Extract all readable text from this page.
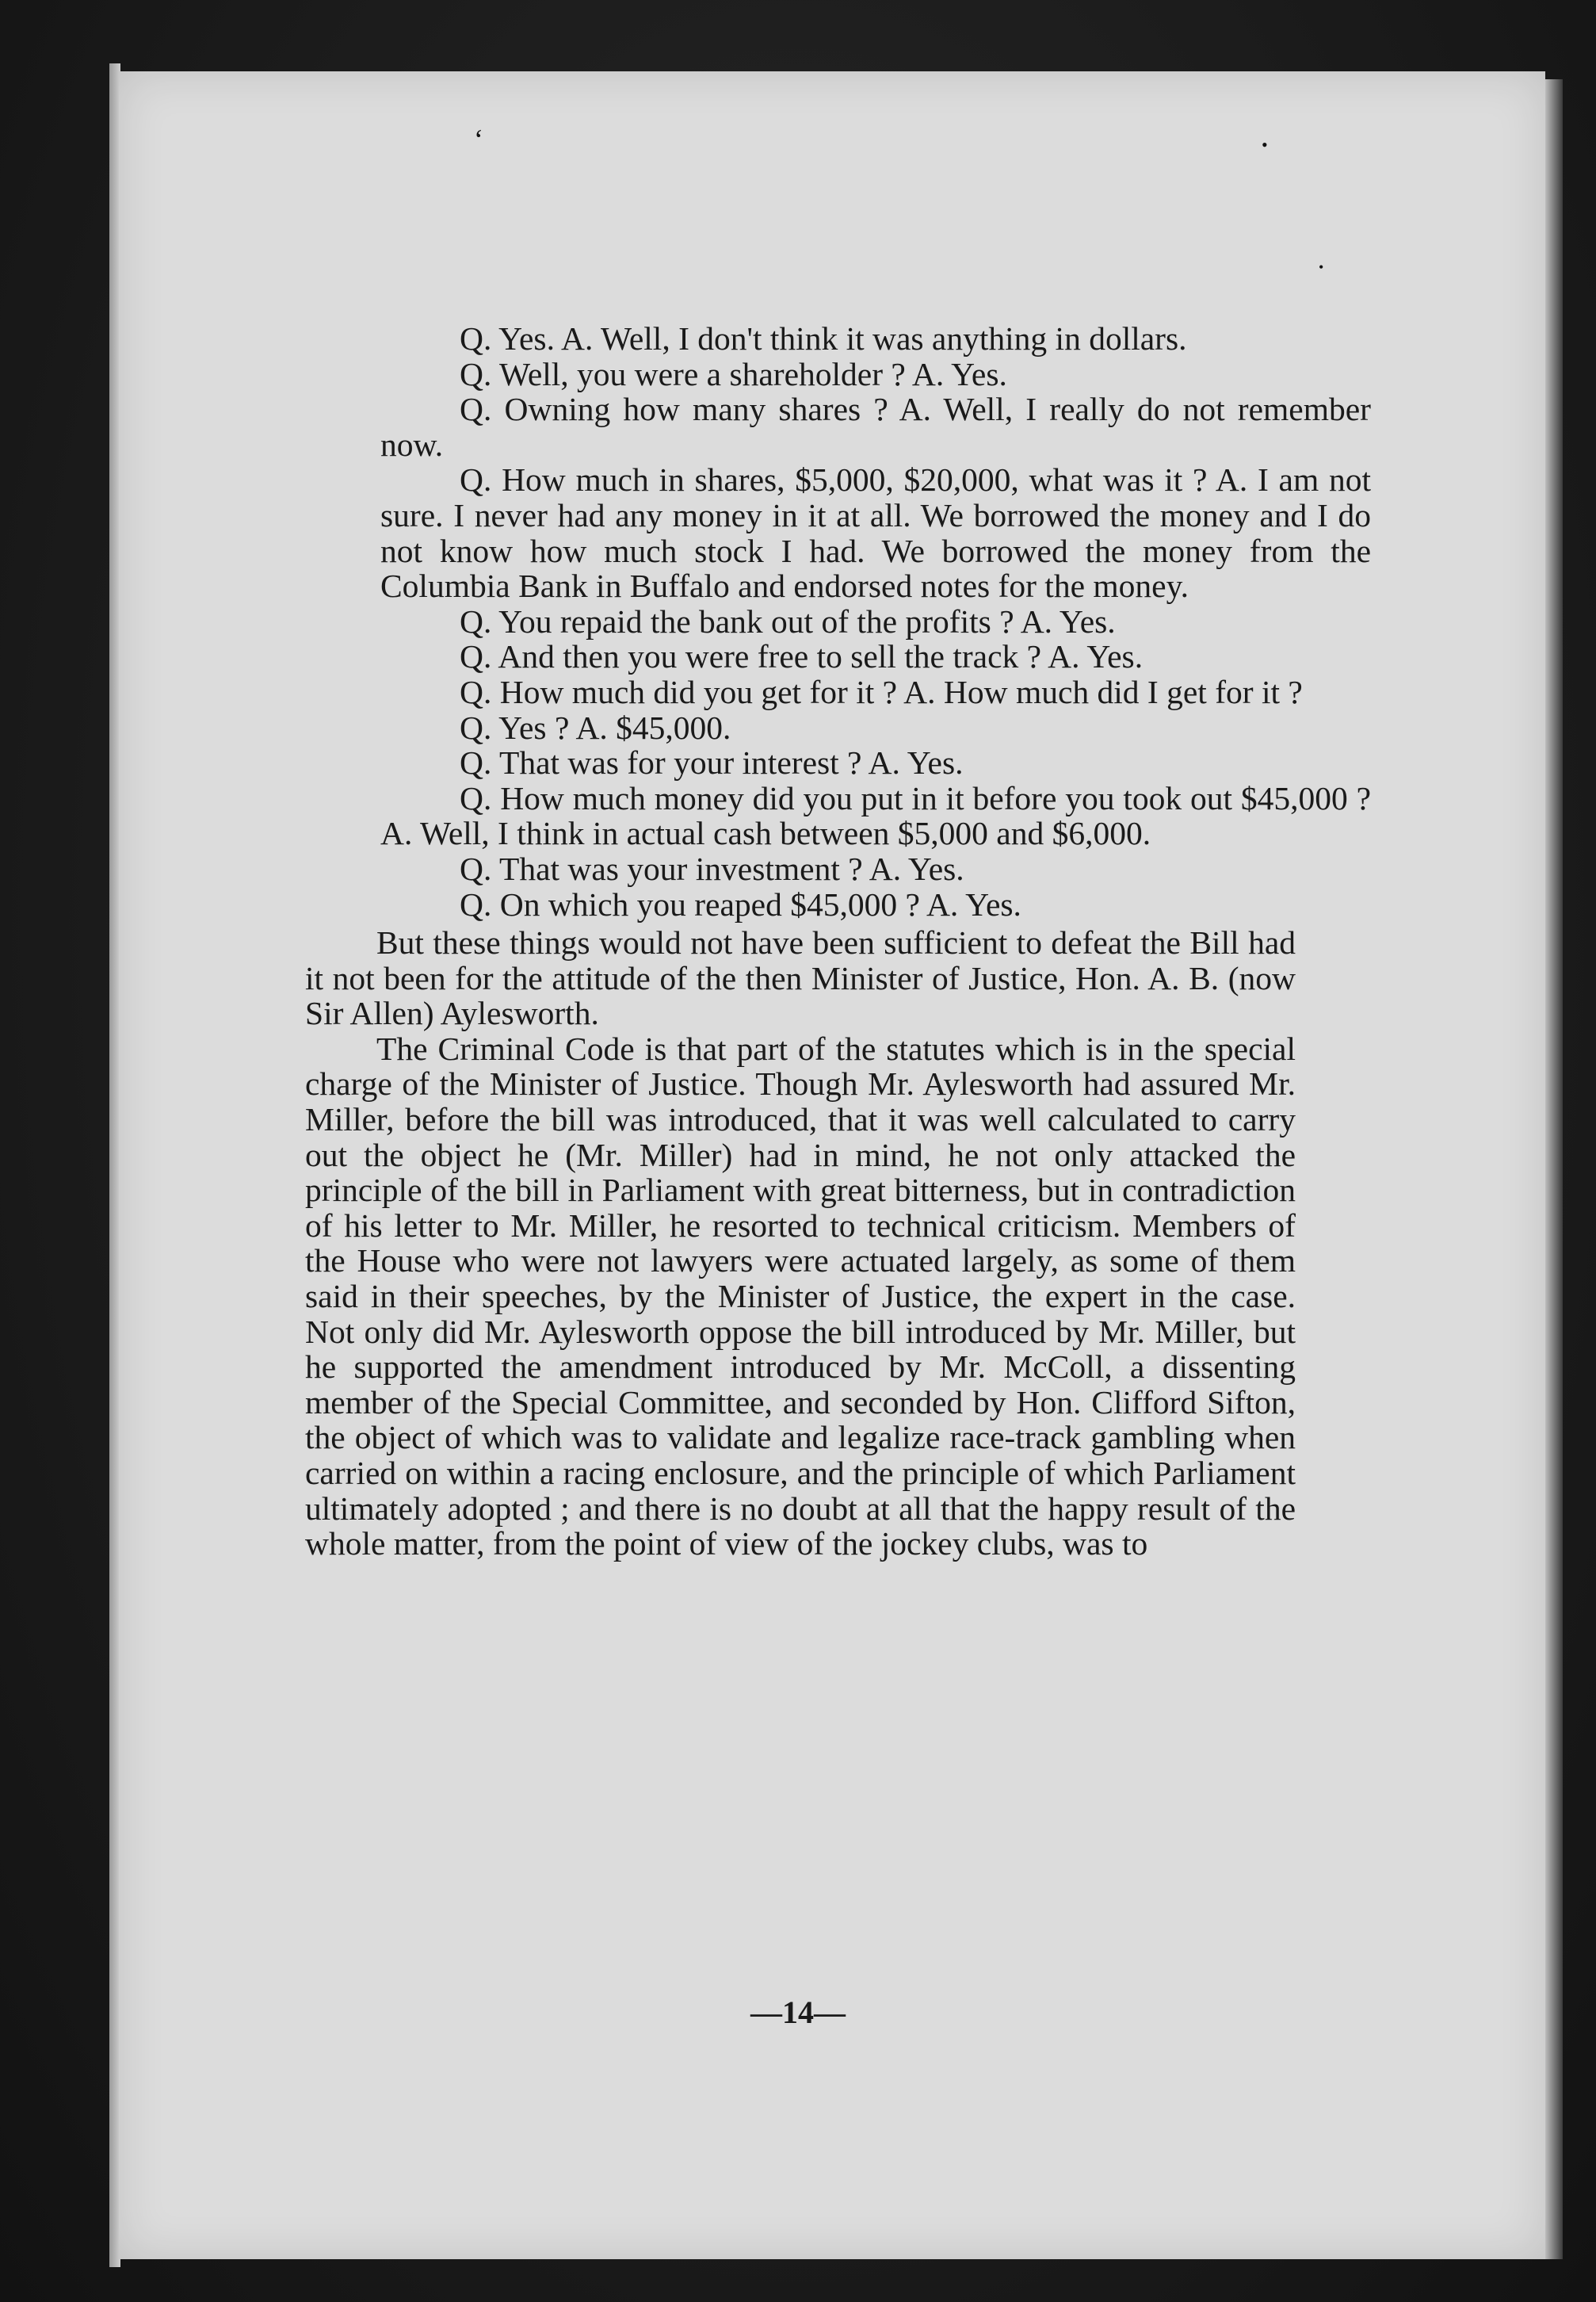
‘	•
•

Q. Yes. A. Well, I don't think it was anything in dollars.

Q. Well, you were a shareholder ? A. Yes.

Q. Owning how many shares ? A. Well, I really do not remember now.

Q. How much in shares, $5,000, $20,000, what was it ? A. I am not sure. I never had any money in it at all. We borrowed the money and I do not know how much stock I had. We borrowed the money from the Columbia Bank in Buffalo and endorsed notes for the money.

Q. You repaid the bank out of the profits ? A. Yes.

Q. And then you were free to sell the track ? A. Yes.

Q. How much did you get for it ? A. How much did I get for it ?

Q. Yes ? A. $45,000.

Q. That was for your interest ? A. Yes.

Q. How much money did you put in it before you took out $45,000 ? A. Well, I think in actual cash between $5,000 and $6,000.

Q. That was your investment ? A. Yes.

Q. On which you reaped $45,000 ? A. Yes.

But these things would not have been sufficient to defeat the Bill had it not been for the attitude of the then Minister of Justice, Hon. A. B. (now Sir Allen) Aylesworth.

The Criminal Code is that part of the statutes which is in the special charge of the Minister of Justice. Though Mr. Aylesworth had assured Mr. Miller, before the bill was introduced, that it was well calculated to carry out the object he (Mr. Miller) had in mind, he not only attacked the principle of the bill in Parliament with great bitterness, but in contradiction of his letter to Mr. Miller, he resorted to technical criticism. Members of the House who were not lawyers were actuated largely, as some of them said in their speeches, by the Minister of Justice, the expert in the case. Not only did Mr. Aylesworth oppose the bill introduced by Mr. Miller, but he supported the amendment introduced by Mr. McColl, a dissenting member of the Special Committee, and seconded by Hon. Clifford Sifton, the object of which was to validate and legalize race-track gambling when carried on within a racing enclosure, and the principle of which Parliament ultimately adopted ; and there is no doubt at all that the happy result of the whole matter, from the point of view of the jockey clubs, was to

—14—
